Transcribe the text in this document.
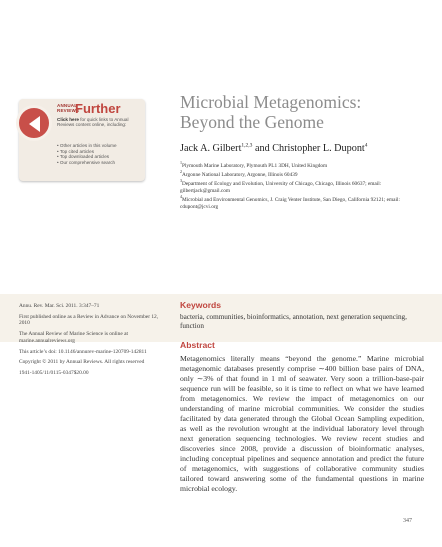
ANNUAL
REVIEWS
Further
Click here for quick links to Annual Reviews content online, including:
• Other articles in this volume
• Top cited articles
• Top downloaded articles
• Our comprehensive search
Microbial Metagenomics:
Beyond the Genome
Jack A. Gilbert$^{1,2,3}$ and Christopher L. Dupont$^4$

$^1$Plymouth Marine Laboratory, Plymouth PL1 3DH, United Kingdom

$^2$Argonne National Laboratory, Argonne, Illinois 60439

$^3$Department of Ecology and Evolution, University of Chicago, Chicago, Illinois 60637; email: gilbertjack@gmail.com

$^4$Microbial and Environmental Genomics, J. Craig Venter Institute, San Diego, California 92121; email: cdupont@jcvi.org

Annu. Rev. Mar. Sci. 2011. 3:347–71

First published online as a Review in Advance on November 12, 2010

The Annual Review of Marine Science is online at marine.annualreviews.org

This article’s doi: 10.1146/annurev-marine-120709-142811

Copyright © 2011 by Annual Reviews. All rights reserved

1941-1405/11/0115-0347$20.00

Keywords
bacteria, communities, bioinformatics, annotation, next generation sequencing, function
Abstract

Metagenomics literally means “beyond the genome.” Marine microbial metagenomic databases presently comprise ∼400 billion base pairs of DNA, only ∼3% of that found in 1 ml of seawater. Very soon a trillion-base-pair sequence run will be feasible, so it is time to reflect on what we have learned from metagenomics. We review the impact of metagenomics on our understanding of marine microbial communities. We consider the studies facilitated by data generated through the Global Ocean Sampling expedition, as well as the revolution wrought at the individual laboratory level through next generation sequencing technologies. We review recent studies and discoveries since 2008, provide a discussion of bioinformatic analyses, including conceptual pipelines and sequence annotation and predict the future of metagenomics, with suggestions of collaborative community studies tailored toward answering some of the fundamental questions in marine microbial ecology.

347
